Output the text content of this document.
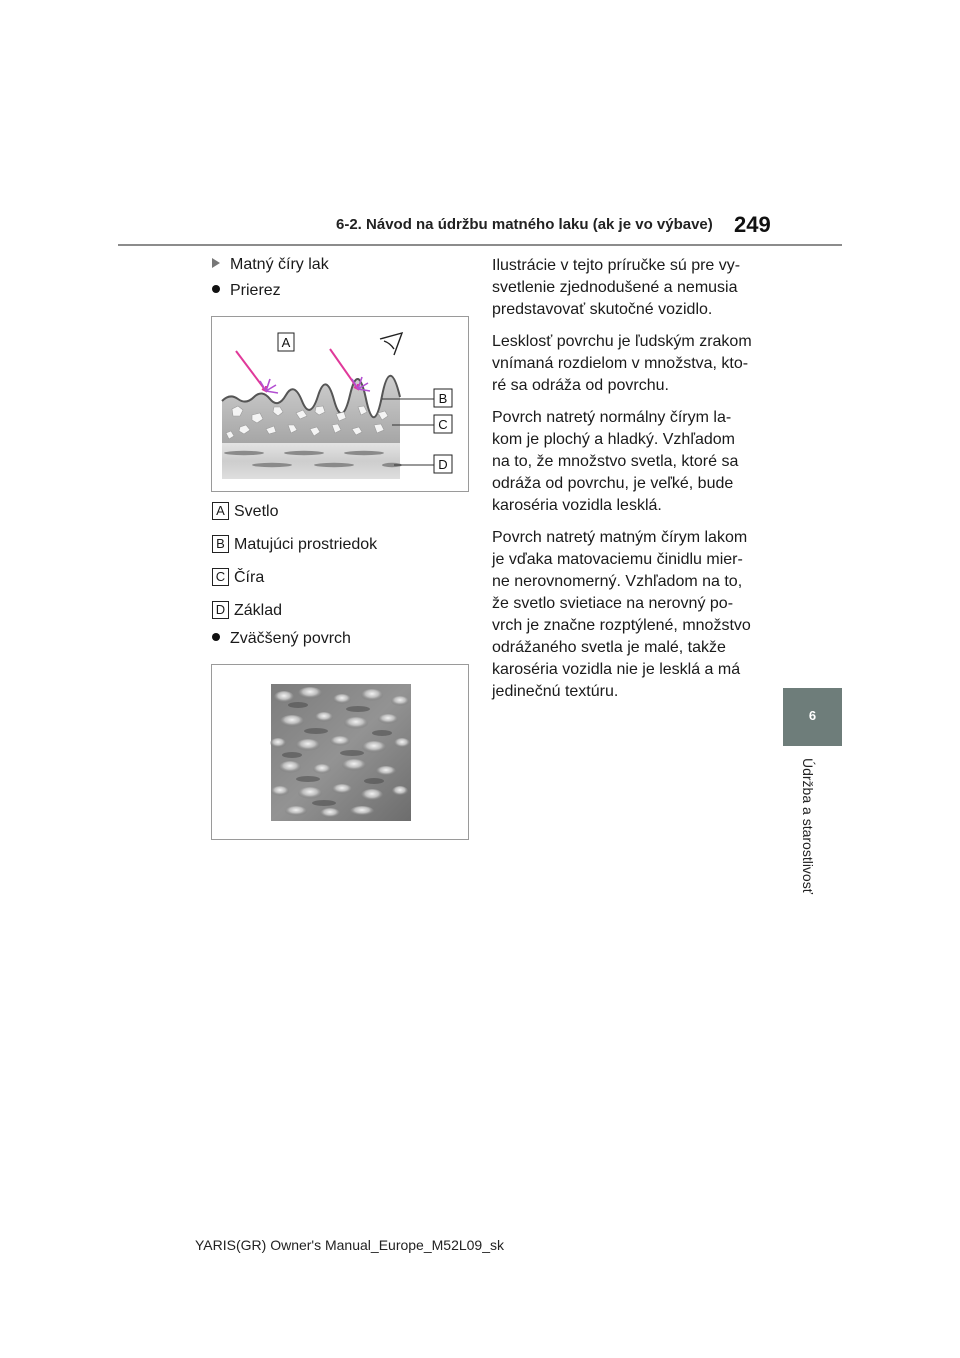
6-2. Návod na údržbu matného laku (ak je vo výbave) 249
6
Údržba a starostlivosť
Matný číry lak
Prierez
A
B
C
D
A Svetlo
B Matujúci prostriedok
C Číra
D Základ
Zväčšený povrch

Ilustrácie v tejto príručke sú pre vy-svetlenie zjednodušené a nemusia predstavovať skutočné vozidlo.

Lesklosť povrchu je ľudským zrakom vnímaná rozdielom v množstva, kto-ré sa odráža od povrchu.

Povrch natretý normálny čírym la-kom je plochý a hladký. Vzhľadom na to, že množstvo svetla, ktoré sa odráža od povrchu, je veľké, bude karoséria vozidla lesklá.

Povrch natretý matným čírym lakom je vďaka matovaciemu činidlu mier-ne nerovnomerný. Vzhľadom na to, že svetlo svietiace na nerovný po-vrch je značne rozptýlené, množstvo odrážaného svetla je malé, takže karoséria vozidla nie je lesklá a má jedinečnú textúru.

YARIS(GR) Owner's Manual_Europe_M52L09_sk
